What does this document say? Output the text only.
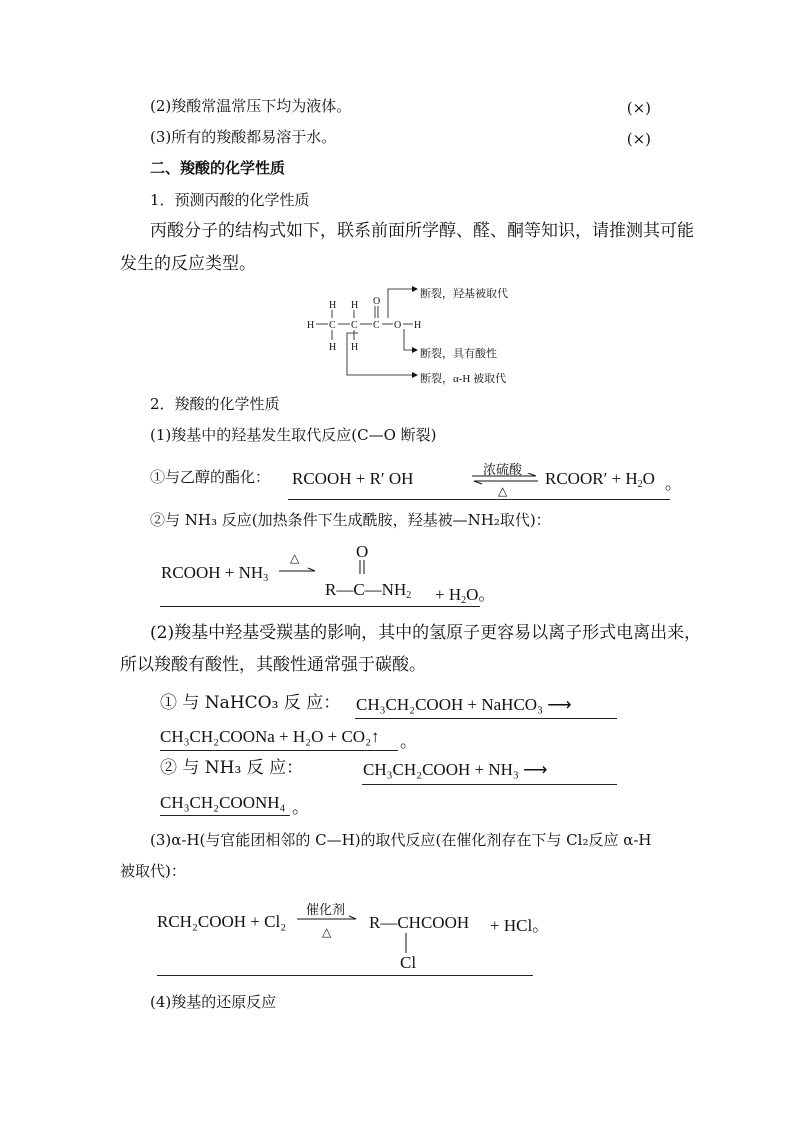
(2)羧酸常温常压下均为液体。	(×)
(3)所有的羧酸都易溶于水。	(×)
二、羧酸的化学性质
1．预测丙酸的化学性质
丙酸分子的结构式如下，联系前面所学醇、醛、酮等知识，请推测其可能
发生的反应类型。
H H O
H C C C O H
H H
断裂，羟基被取代
断裂，具有酸性
断裂，α-H 被取代
2．羧酸的化学性质
(1)羧基中的羟基发生取代反应(C—O 断裂)
①与乙醇的酯化： RCOOH + R′ OH	浓硫酸
△
RCOOR′ + $H_2O$ 。
②与 NH₃ 反应(加热条件下生成酰胺，羟基被—NH₂取代)：
RCOOH + $NH_3$
△	O
$R—C—NH_2 + H_2O$。
(2)羧基中羟基受羰基的影响，其中的氢原子更容易以离子形式电离出来，
所以羧酸有酸性，其酸性通常强于碳酸。
① 与 NaHCO₃ 反 应： CH₃CH₂COOH + NaHCO₃ ⟶
CH₃CH₂COONa + H₂O + CO₂↑ 。
② 与 NH₃ 反 应：	CH₃CH₂COOH + NH₃ ⟶
CH₃CH₂COONH₄ 。
(3)α-H(与官能团相邻的 C—H)的取代反应(在催化剂存在下与 Cl₂反应 α-H
被取代)：
RCH₂COOH + Cl₂
催化剂
△ R—CHCOOH + HCl。
Cl
(4)羧基的还原反应
